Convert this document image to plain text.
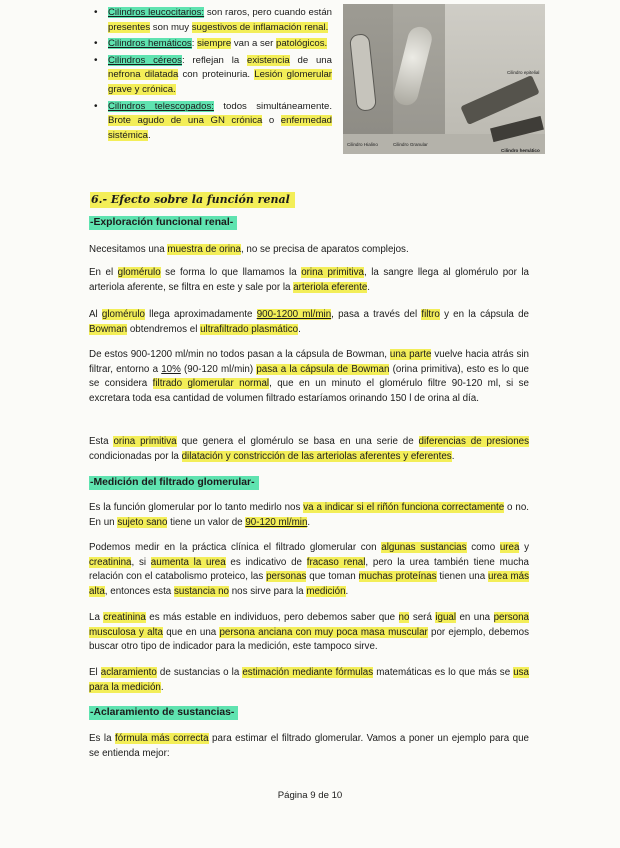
• Cilindros leucocitarios: son raros, pero cuando están presentes son muy sugestivos de inflamación renal.
• Cilindros hemáticos: siempre van a ser patológicos.
• Cilindros céreos: reflejan la existencia de una nefrona dilatada con proteinuria. Lesión glomerular grave y crónica.
• Cilindros telescopados: todos simultáneamente. Brote agudo de una GN crónica o enfermedad sistémica.
Cilindro Hialino	Cilindro Granular
Cilindro epitelial
Cilindro hemático
6.- Efecto sobre la función renal
-Exploración funcional renal-

Necesitamos una muestra de orina, no se precisa de aparatos complejos.

En el glomérulo se forma lo que llamamos la orina primitiva, la sangre llega al glomérulo por la arteriola aferente, se filtra en este y sale por la arteriola eferente.

Al glomérulo llega aproximadamente 900-1200 ml/min, pasa a través del filtro y en la cápsula de Bowman obtendremos el ultrafiltrado plasmático.

De estos 900-1200 ml/min no todos pasan a la cápsula de Bowman, una parte vuelve hacia atrás sin filtrar, entorno a 10% (90-120 ml/min) pasa a la cápsula de Bowman (orina primitiva), esto es lo que se considera filtrado glomerular normal, que en un minuto el glomérulo filtre 90-120 ml, si se excretara toda esa cantidad de volumen filtrado estaríamos orinando 150 l de orina al día.

Esta orina primitiva que genera el glomérulo se basa en una serie de diferencias de presiones condicionadas por la dilatación y constricción de las arteriolas aferentes y eferentes.

-Medición del filtrado glomerular-

Es la función glomerular por lo tanto medirlo nos va a indicar si el riñón funciona correctamente o no. En un sujeto sano tiene un valor de 90-120 ml/min.

Podemos medir en la práctica clínica el filtrado glomerular con algunas sustancias como urea y creatinina, si aumenta la urea es indicativo de fracaso renal, pero la urea también tiene mucha relación con el catabolismo proteico, las personas que toman muchas proteínas tienen una urea más alta, entonces esta sustancia no nos sirve para la medición.

La creatinina es más estable en individuos, pero debemos saber que no será igual en una persona musculosa y alta que en una persona anciana con muy poca masa muscular por ejemplo, debemos buscar otro tipo de indicador para la medición, este tampoco sirve.

El aclaramiento de sustancias o la estimación mediante fórmulas matemáticas es lo que más se usa para la medición.

-Aclaramiento de sustancias-

Es la fórmula más correcta para estimar el filtrado glomerular. Vamos a poner un ejemplo para que se entienda mejor:

Página 9 de 10
